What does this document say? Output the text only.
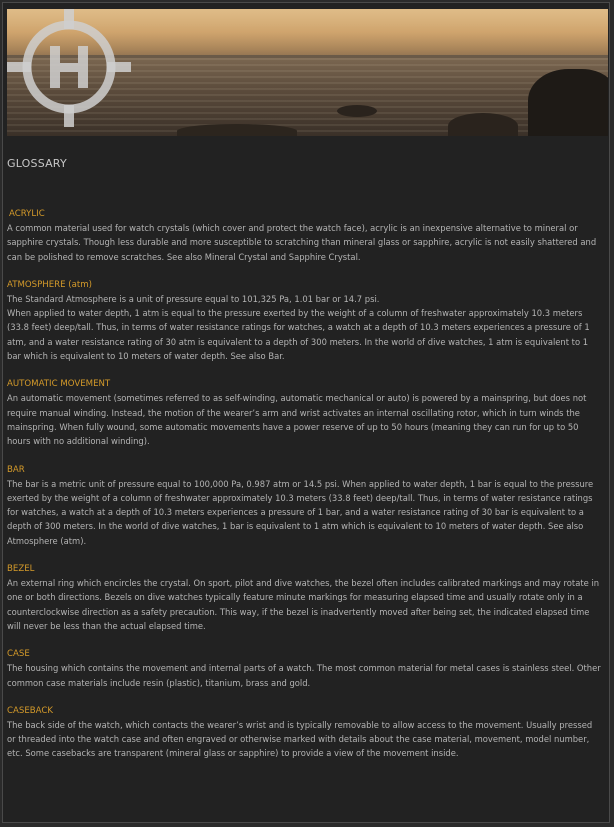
GLOSSARY

ACRYLIC

A common material used for watch crystals (which cover and protect the watch face), acrylic is an inexpensive alternative to mineral or sapphire crystals. Though less durable and more susceptible to scratching than mineral glass or sapphire, acrylic is not easily shattered and can be polished to remove scratches. See also Mineral Crystal and Sapphire Crystal.

ATMOSPHERE (atm)

The Standard Atmosphere is a unit of pressure equal to 101,325 Pa, 1.01 bar or 14.7 psi.

When applied to water depth, 1 atm is equal to the pressure exerted by the weight of a column of freshwater approximately 10.3 meters (33.8 feet) deep/tall. Thus, in terms of water resistance ratings for watches, a watch at a depth of 10.3 meters experiences a pressure of 1 atm, and a water resistance rating of 30 atm is equivalent to a depth of 300 meters. In the world of dive watches, 1 atm is equivalent to 1 bar which is equivalent to 10 meters of water depth. See also Bar.

AUTOMATIC MOVEMENT

An automatic movement (sometimes referred to as self-winding, automatic mechanical or auto) is powered by a mainspring, but does not require manual winding. Instead, the motion of the wearer’s arm and wrist activates an internal oscillating rotor, which in turn winds the mainspring. When fully wound, some automatic movements have a power reserve of up to 50 hours (meaning they can run for up to 50 hours with no additional winding).

BAR

The bar is a metric unit of pressure equal to 100,000 Pa, 0.987 atm or 14.5 psi. When applied to water depth, 1 bar is equal to the pressure exerted by the weight of a column of freshwater approximately 10.3 meters (33.8 feet) deep/tall. Thus, in terms of water resistance ratings for watches, a watch at a depth of 10.3 meters experiences a pressure of 1 bar, and a water resistance rating of 30 bar is equivalent to a depth of 300 meters. In the world of dive watches, 1 bar is equivalent to 1 atm which is equivalent to 10 meters of water depth. See also Atmosphere (atm).

BEZEL

An external ring which encircles the crystal. On sport, pilot and dive watches, the bezel often includes calibrated markings and may rotate in one or both directions. Bezels on dive watches typically feature minute markings for measuring elapsed time and usually rotate only in a counterclockwise direction as a safety precaution. This way, if the bezel is inadvertently moved after being set, the indicated elapsed time will never be less than the actual elapsed time.

CASE

The housing which contains the movement and internal parts of a watch. The most common material for metal cases is stainless steel. Other common case materials include resin (plastic), titanium, brass and gold.

CASEBACK

The back side of the watch, which contacts the wearer’s wrist and is typically removable to allow access to the movement. Usually pressed or threaded into the watch case and often engraved or otherwise marked with details about the case material, movement, model number, etc. Some casebacks are transparent (mineral glass or sapphire) to provide a view of the movement inside.
